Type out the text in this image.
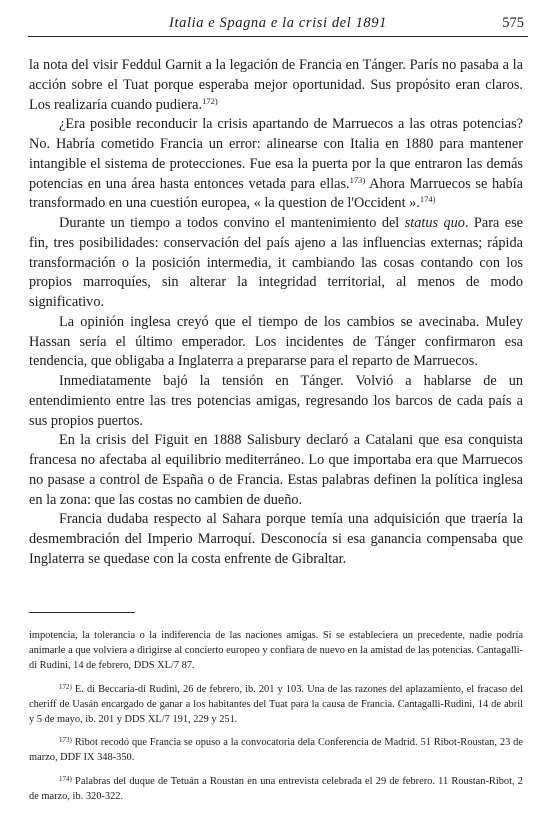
Italia e Spagna e la crisi del 1891	575

la nota del visir Feddul Garnit a la legación de Francia en Tánger. París no pasaba a la acción sobre el Tuat porque esperaba mejor oportunidad. Sus propósito eran claros. Los realizaría cuando pudiera.$^{172)}$

¿Era posible reconducir la crisis apartando de Marruecos a las otras potencias? No. Habría cometido Francia un error: alinearse con Italia en 1880 para mantener intangible el sistema de protecciones. Fue esa la puerta por la que entraron las demás potencias en una área hasta entonces vetada para ellas.$^{173)}$ Ahora Marruecos se había transformado en una cuestión europea, « la question de l'Occident ».$^{174)}$

Durante un tiempo a todos convino el mantenimiento del status quo. Para ese fin, tres posibilidades: conservación del país ajeno a las influencias externas; rápida transformación o la posición intermedia, it cambiando las cosas contando con los propios marroquíes, sin alterar la integridad territorial, al menos de modo significativo.

La opinión inglesa creyó que el tiempo de los cambios se avecinaba. Muley Hassan sería el último emperador. Los incidentes de Tánger confirmaron esa tendencia, que obligaba a Inglaterra a prepararse para el reparto de Marruecos.

Inmediatamente bajó la tensión en Tánger. Volvió a hablarse de un entendimiento entre las tres potencias amigas, regresando los barcos de cada país a sus propios puertos.

En la crisis del Figuit en 1888 Salisbury declaró a Catalani que esa conquista francesa no afectaba al equilibrio mediterráneo. Lo que importaba era que Marruecos no pasase a control de España o de Francia. Estas palabras definen la política inglesa en la zona: que las costas no cambien de dueño.

Francia dudaba respecto al Sahara porque temía una adquisición que traería la desmembración del Imperio Marroquí. Desconocía si esa ganancia compensaba que Inglaterra se quedase con la costa enfrente de Gibraltar.

impotencia, la tolerancia o la indiferencia de las naciones amigas. Si se estableciera un precedente, nadie podría animarle a que volviera a dirigirse al concierto europeo y confiara de nuevo en la amistad de las potencias. Cantagalli-di Rudini, 14 de febrero, DDS XL/7 87.

$^{172)}$ E. di Beccaria-di Rudinì, 26 de febrero, ib. 201 y 103. Una de las razones del aplazamiento, el fracaso del cheriff de Uasán encargado de ganar a los habitantes del Tuat para la causa de Francia. Cantagalli-Rudini, 14 de abril y 5 de mayo, ib. 201 y DDS XL/7 191, 229 y 251.

$^{173)}$ Ribot recodó que Francia se opuso a la convocatoria dela Conferencia de Madrid. 51 Ribot-Roustan, 23 de marzo, DDF IX 348-350.

$^{174)}$ Palabras del duque de Tetuán a Roustan en una entrevista celebrada el 29 de febrero. 11 Roustan-Ribot, 2 de marzo, ib. 320-322.
